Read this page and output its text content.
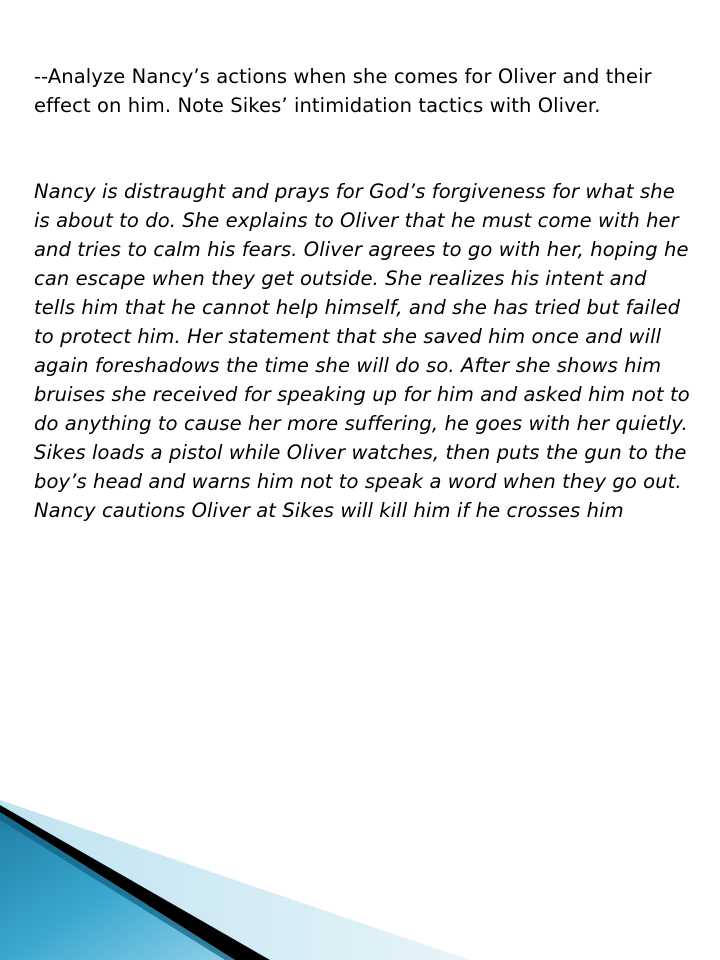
--Analyze Nancy’s actions when she comes for Oliver and their effect on him. Note Sikes’ intimidation tactics with Oliver.

Nancy is distraught and prays for God’s forgiveness for what she is about to do. She explains to Oliver that he must come with her and tries to calm his fears. Oliver agrees to go with her, hoping he can escape when they get outside. She realizes his intent and tells him that he cannot help himself, and she has tried but failed to protect him. Her statement that she saved him once and will again foreshadows the time she will do so. After she shows him bruises she received for speaking up for him and asked him not to do anything to cause her more suffering, he goes with her quietly. Sikes loads a pistol while Oliver watches, then puts the gun to the boy’s head and warns him not to speak a word when they go out. Nancy cautions Oliver at Sikes will kill him if he crosses him
